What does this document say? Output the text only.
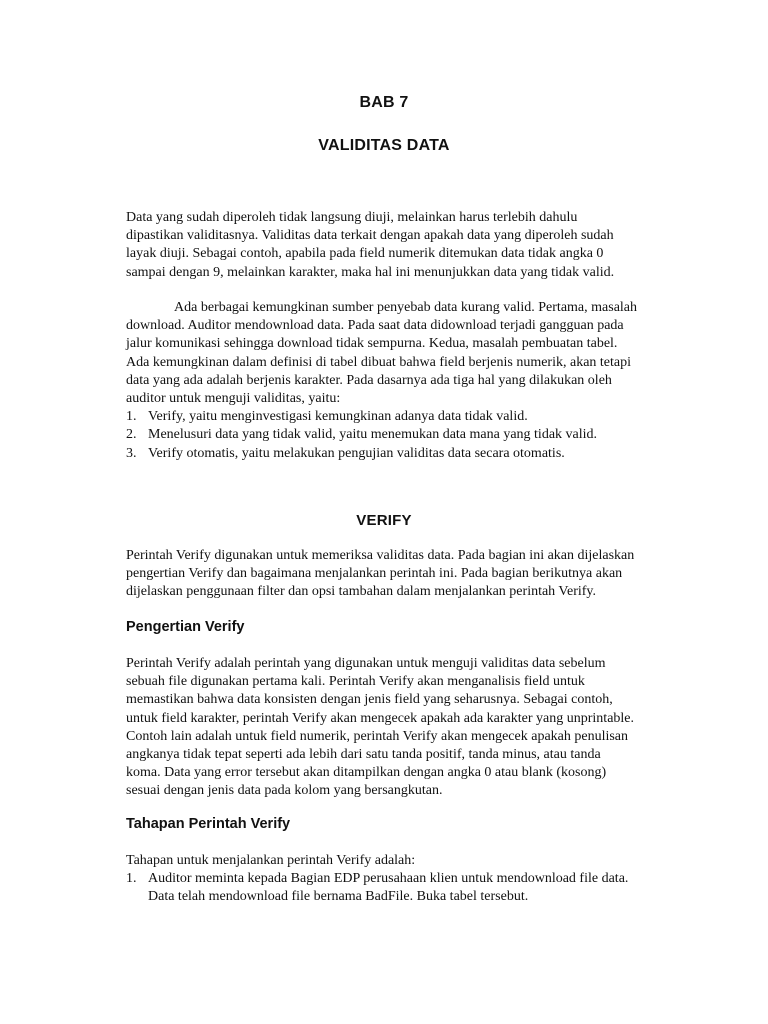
BAB 7
VALIDITAS DATA
Data yang sudah diperoleh tidak langsung diuji, melainkan harus terlebih dahulu
dipastikan validitasnya. Validitas data terkait dengan apakah data yang diperoleh sudah
layak diuji. Sebagai contoh, apabila pada field numerik ditemukan data tidak angka 0
sampai dengan 9, melainkan karakter, maka hal ini menunjukkan data yang tidak valid.
Ada berbagai kemungkinan sumber penyebab data kurang valid. Pertama, masalah
download. Auditor mendownload data. Pada saat data didownload terjadi gangguan pada
jalur komunikasi sehingga download tidak sempurna. Kedua, masalah pembuatan tabel.
Ada kemungkinan dalam definisi di tabel dibuat bahwa field berjenis numerik, akan tetapi
data yang ada adalah berjenis karakter. Pada dasarnya ada tiga hal yang dilakukan oleh
auditor untuk menguji validitas, yaitu:
1. Verify, yaitu menginvestigasi kemungkinan adanya data tidak valid.
2. Menelusuri data yang tidak valid, yaitu menemukan data mana yang tidak valid.
3. Verify otomatis, yaitu melakukan pengujian validitas data secara otomatis.
VERIFY
Perintah Verify digunakan untuk memeriksa validitas data. Pada bagian ini akan dijelaskan
pengertian Verify dan bagaimana menjalankan perintah ini. Pada bagian berikutnya akan
dijelaskan penggunaan filter dan opsi tambahan dalam menjalankan perintah Verify.
Pengertian Verify
Perintah Verify adalah perintah yang digunakan untuk menguji validitas data sebelum
sebuah file digunakan pertama kali. Perintah Verify akan menganalisis field untuk
memastikan bahwa data konsisten dengan jenis field yang seharusnya. Sebagai contoh,
untuk field karakter, perintah Verify akan mengecek apakah ada karakter yang unprintable.
Contoh lain adalah untuk field numerik, perintah Verify akan mengecek apakah penulisan
angkanya tidak tepat seperti ada lebih dari satu tanda positif, tanda minus, atau tanda
koma. Data yang error tersebut akan ditampilkan dengan angka 0 atau blank (kosong)
sesuai dengan jenis data pada kolom yang bersangkutan.
Tahapan Perintah Verify
Tahapan untuk menjalankan perintah Verify adalah:
1. Auditor meminta kepada Bagian EDP perusahaan klien untuk mendownload file data.
Data telah mendownload file bernama BadFile. Buka tabel tersebut.
